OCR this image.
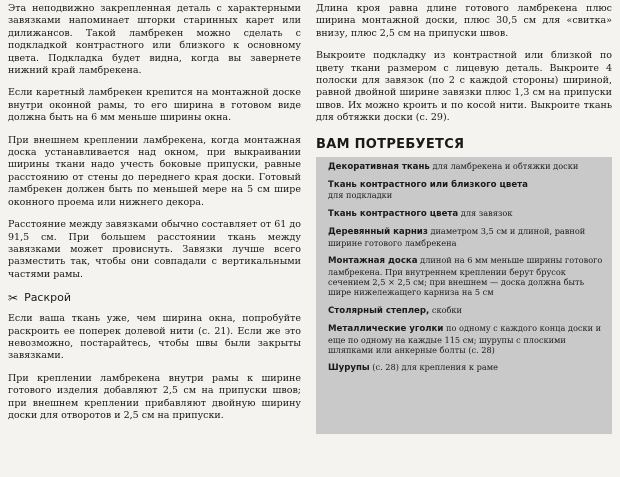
Эта неподвижно закрепленная деталь с характерными завязками напоминает шторки старинных карет или дилижансов. Такой ламбрекен можно сделать с подкладкой контрастного или близкого к основному цвета. Подкладка будет видна, когда вы завернете нижний край ламбрекена.

Если каретный ламбрекен крепится на монтажной доске внутри оконной рамы, то его ширина в готовом виде должна быть на 6 мм меньше ширины окна.

При внешнем креплении ламбрекена, когда монтажная доска устанавливается над окном, при выкраивании ширины ткани надо учесть боковые припуски, равные расстоянию от стены до переднего края доски. Готовый ламбрекен должен быть по меньшей мере на 5 см шире оконного проема или нижнего декора.

Расстояние между завязками обычно составляет от 61 до 91,5 см. При большем расстоянии ткань между завязками может провиснуть. Завязки лучше всего разместить так, чтобы они совпадали с вертикальными частями рамы.

✂ Раскрой

Если ваша ткань уже, чем ширина окна, попробуйте раскроить ее поперек долевой нити (с. 21). Если же это невозможно, постарайтесь, чтобы швы были закрыты завязками.

При креплении ламбрекена внутри рамы к ширине готового изделия добавляют 2,5 см на припуски швов; при внешнем креплении прибавляют двойную ширину доски для отворотов и 2,5 см на припуски.

Длина кроя равна длине готового ламбрекена плюс ширина монтажной доски, плюс 30,5 см для «свитка» внизу, плюс 2,5 см на припуски швов.

Выкроите подкладку из контрастной или близкой по цвету ткани размером с лицевую деталь. Выкроите 4 полоски для завязок (по 2 с каждой стороны) шириной, равной двойной ширине завязки плюс 1,3 см на припуски швов. Их можно кроить и по косой нити. Выкроите ткань для обтяжки доски (с. 29).

ВАМ ПОТРЕБУЕТСЯ
Декоративная ткань для ламбрекена и обтяжки доски
Ткань контрастного или близкого цвета
для подкладки
Ткань контрастного цвета для завязок
Деревянный карниз диаметром 3,5 см и длиной, равной ширине готового ламбрекена
Монтажная доска длиной на 6 мм меньше ширины готового ламбрекена. При внутреннем креплении берут брусок сечением 2,5 × 2,5 см; при внешнем — доска должна быть шире нижележащего карниза на 5 см
Столярный степлер, скобки
Металлические уголки по одному с каждого конца доски и еще по одному на каждые 115 см; шурупы с плоскими шляпками или анкерные болты (с. 28)
Шурупы (с. 28) для крепления к раме
